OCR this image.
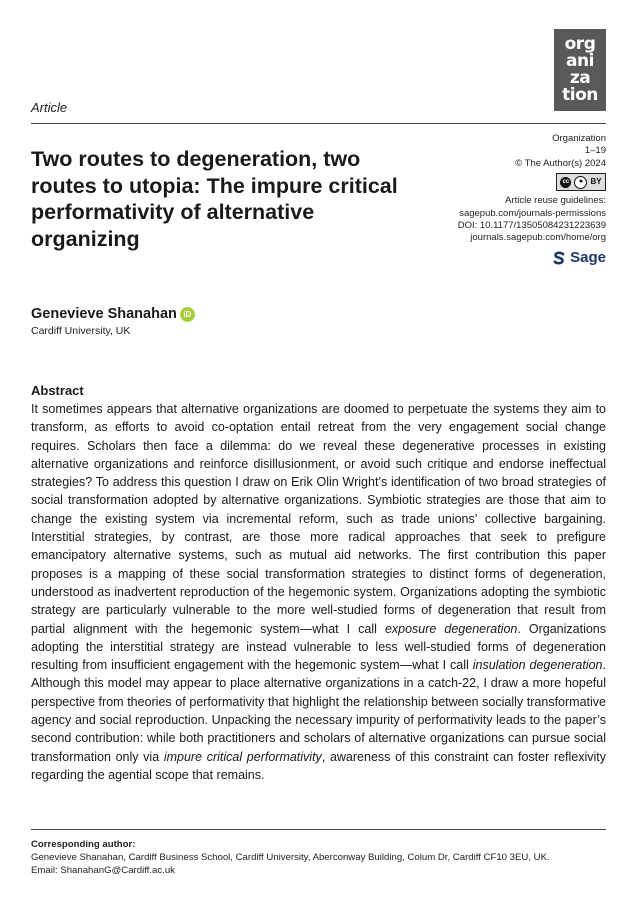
org
ani
za
tion
Article
Organization
1–19
© The Author(s) 2024
cc	● BY
Article reuse guidelines:
sagepub.com/journals-permissions
DOI: 10.1177/13505084231223639
journals.sagepub.com/home/org
Sage
Two routes to degeneration, two routes to utopia: The impure critical performativity of alternative organizing
Genevieve Shanahan iD
Cardiff University, UK
Abstract

It sometimes appears that alternative organizations are doomed to perpetuate the systems they aim to transform, as efforts to avoid co-optation entail retreat from the very engagement social change requires. Scholars then face a dilemma: do we reveal these degenerative processes in existing alternative organizations and reinforce disillusionment, or avoid such critique and endorse ineffectual strategies? To address this question I draw on Erik Olin Wright’s identification of two broad strategies of social transformation adopted by alternative organizations. Symbiotic strategies are those that aim to change the existing system via incremental reform, such as trade unions’ collective bargaining. Interstitial strategies, by contrast, are those more radical approaches that seek to prefigure emancipatory alternative systems, such as mutual aid networks. The first contribution this paper proposes is a mapping of these social transformation strategies to distinct forms of degeneration, understood as inadvertent reproduction of the hegemonic system. Organizations adopting the symbiotic strategy are particularly vulnerable to the more well-studied forms of degeneration that result from partial alignment with the hegemonic system—what I call exposure degeneration. Organizations adopting the interstitial strategy are instead vulnerable to less well-studied forms of degeneration resulting from insufficient engagement with the hegemonic system—what I call insulation degeneration. Although this model may appear to place alternative organizations in a catch-22, I draw a more hopeful perspective from theories of performativity that highlight the relationship between socially transformative agency and social reproduction. Unpacking the necessary impurity of performativity leads to the paper’s second contribution: while both practitioners and scholars of alternative organizations can pursue social transformation only via impure critical performativity, awareness of this constraint can foster reflexivity regarding the agential scope that remains.

Corresponding author:
Genevieve Shanahan, Cardiff Business School, Cardiff University, Aberconway Building, Colum Dr, Cardiff CF10 3EU, UK.
Email: ShanahanG@Cardiff.ac.uk
